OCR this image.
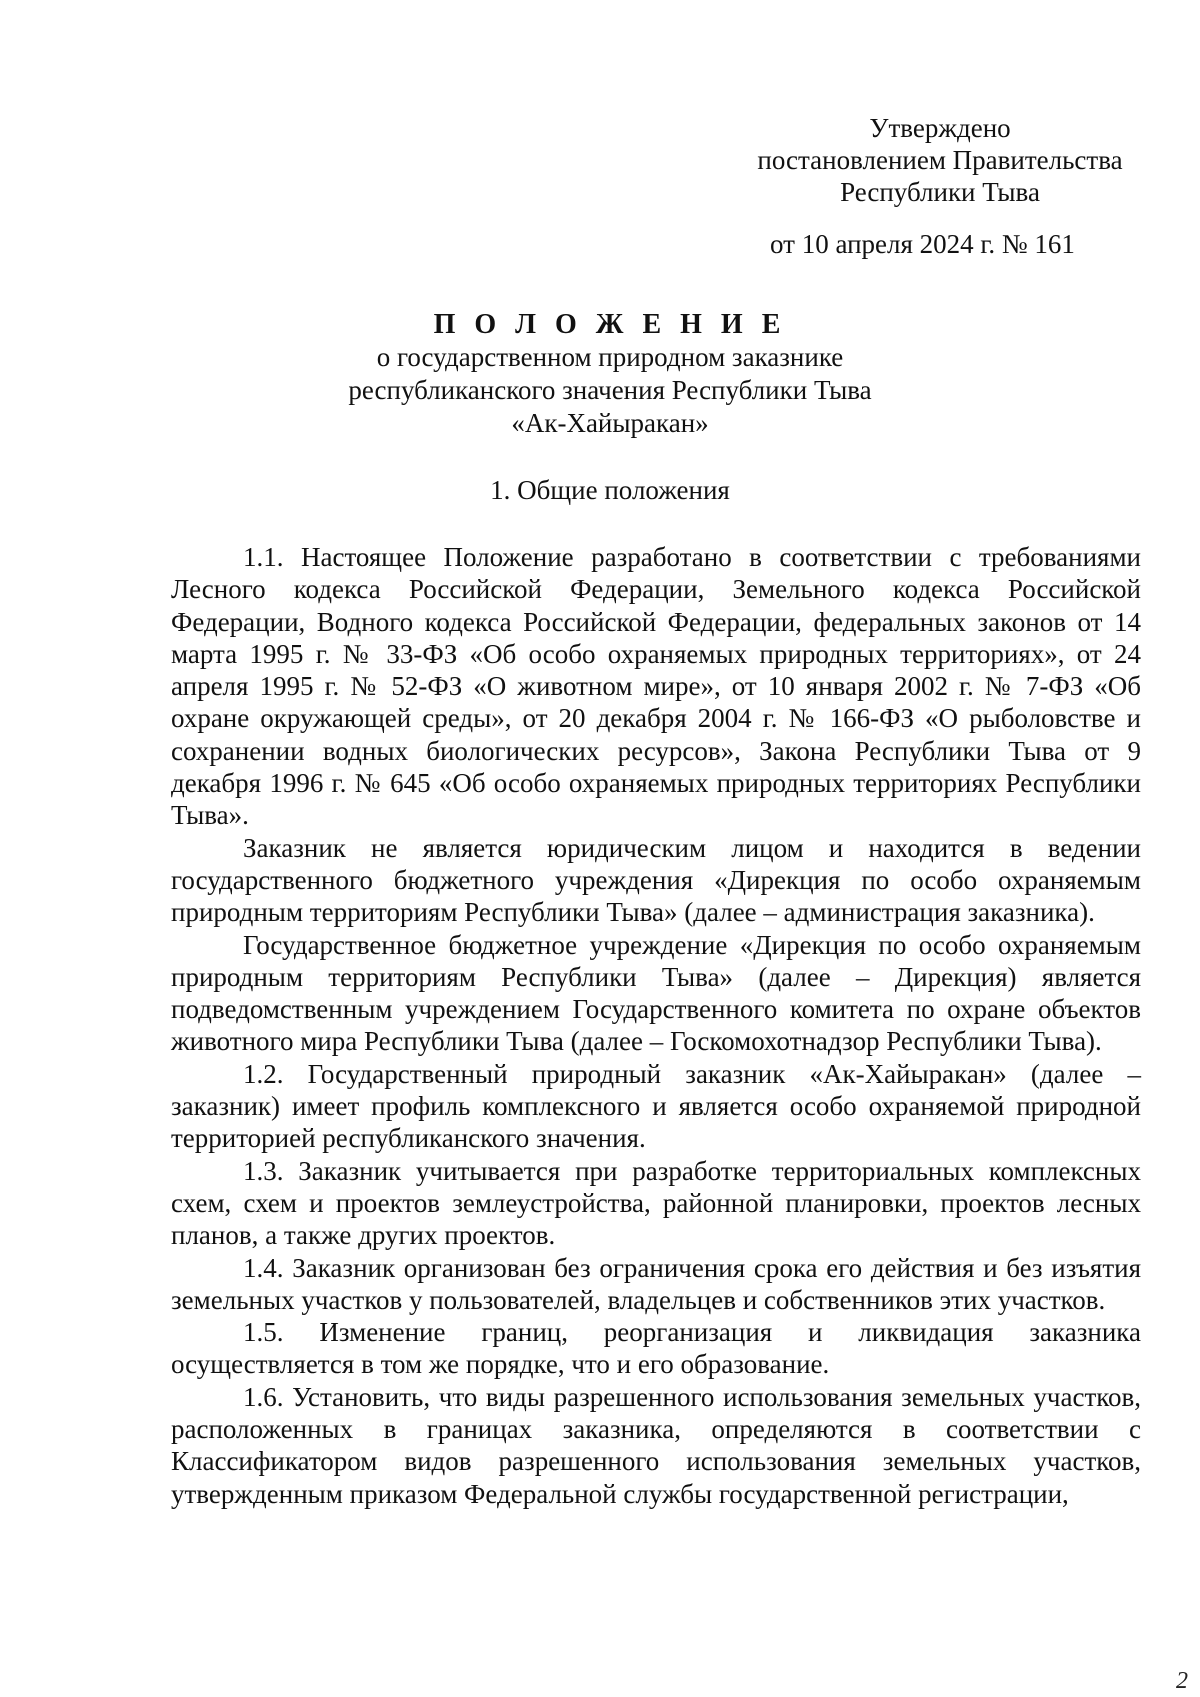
Утверждено
постановлением Правительства
Республики Тыва
от 10 апреля 2024 г. № 161
П О Л О Ж Е Н И Е
о государственном природном заказнике
республиканского значения Республики Тыва
«Ак-Хайыракан»
1. Общие положения

1.1. Настоящее Положение разработано в соответствии с требованиями Лесного кодекса Российской Федерации, Земельного кодекса Российской Федерации, Водного кодекса Российской Федерации, федеральных законов от 14 марта 1995 г. № 33-ФЗ «Об особо охраняемых природных территориях», от 24 апреля 1995 г. № 52-ФЗ «О животном мире», от 10 января 2002 г. № 7-ФЗ «Об охране окружающей среды», от 20 декабря 2004 г. № 166-ФЗ «О рыболовстве и сохранении водных биологических ресурсов», Закона Республики Тыва от 9 декабря 1996 г. № 645 «Об особо охраняемых природных территориях Республики Тыва».

Заказник не является юридическим лицом и находится в ведении государственного бюджетного учреждения «Дирекция по особо охраняемым природным территориям Республики Тыва» (далее – администрация заказника).

Государственное бюджетное учреждение «Дирекция по особо охраняемым природным территориям Республики Тыва» (далее – Дирекция) является подведомственным учреждением Государственного комитета по охране объектов животного мира Республики Тыва (далее – Госкомохотнадзор Республики Тыва).

1.2. Государственный природный заказник «Ак-Хайыракан» (далее – заказник) имеет профиль комплексного и является особо охраняемой природной территорией республиканского значения.

1.3. Заказник учитывается при разработке территориальных комплексных схем, схем и проектов землеустройства, районной планировки, проектов лесных планов, а также других проектов.

1.4. Заказник организован без ограничения срока его действия и без изъятия земельных участков у пользователей, владельцев и собственников этих участков.

1.5. Изменение границ, реорганизация и ликвидация заказника осуществляется в том же порядке, что и его образование.

1.6. Установить, что виды разрешенного использования земельных участков, расположенных в границах заказника, определяются в соответствии с Классификатором видов разрешенного использования земельных участков, утвержденным приказом Федеральной службы государственной регистрации,

2
